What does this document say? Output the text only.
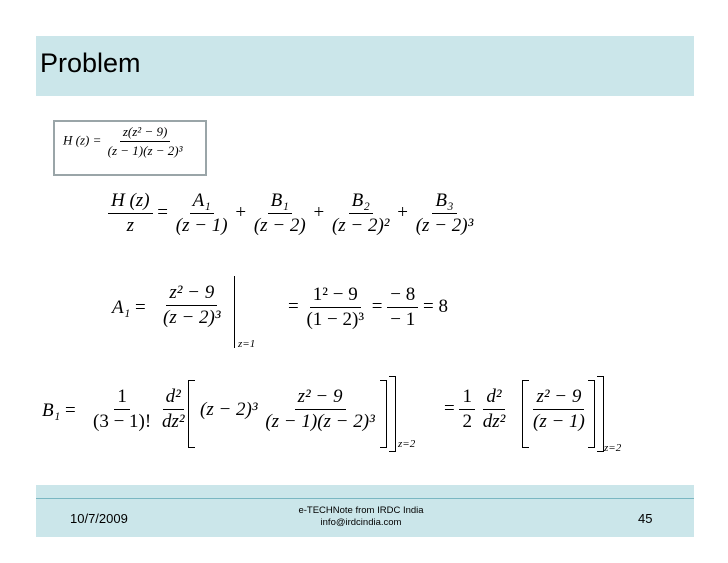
Problem
H $(z) = \frac{\text{z(z² − 9)}}{\text{(z − 1)(z − 2)³}}$
$\frac{H (z)}{z} = \frac{\text{A₁}}{(z - 1)} + \frac{\text{B₁}}{(z - 2)} + \frac{\text{B₂}}{\text{(z − 2)²}} + \frac{\text{B₃}}{\text{(z − 2)³}}$
$A_1 = \frac{\text{z² − 9}}{\text{(z − 2)³}}$
z=1
= $\frac{\text{1² − 9}}{\text{(1 − 2)³}} = \frac{- 8}{- 1} = 8$
$B_1 = \frac{1}{(3 - 1)!}$
$\frac{\text{d²}}{\text{dz²}} (z - 2)^3 \frac{\text{z² − 9}}{\text{(z − 1)(z − 2)³}}$
z=2
= $\frac{1}{2}$
$\frac{\text{d²}}{\text{dz²}} \frac{\text{z² − 9}}{(z - 1)}$
z=2
10/7/2009
e-TECHNote from IRDC India
info@irdcindia.com	45
